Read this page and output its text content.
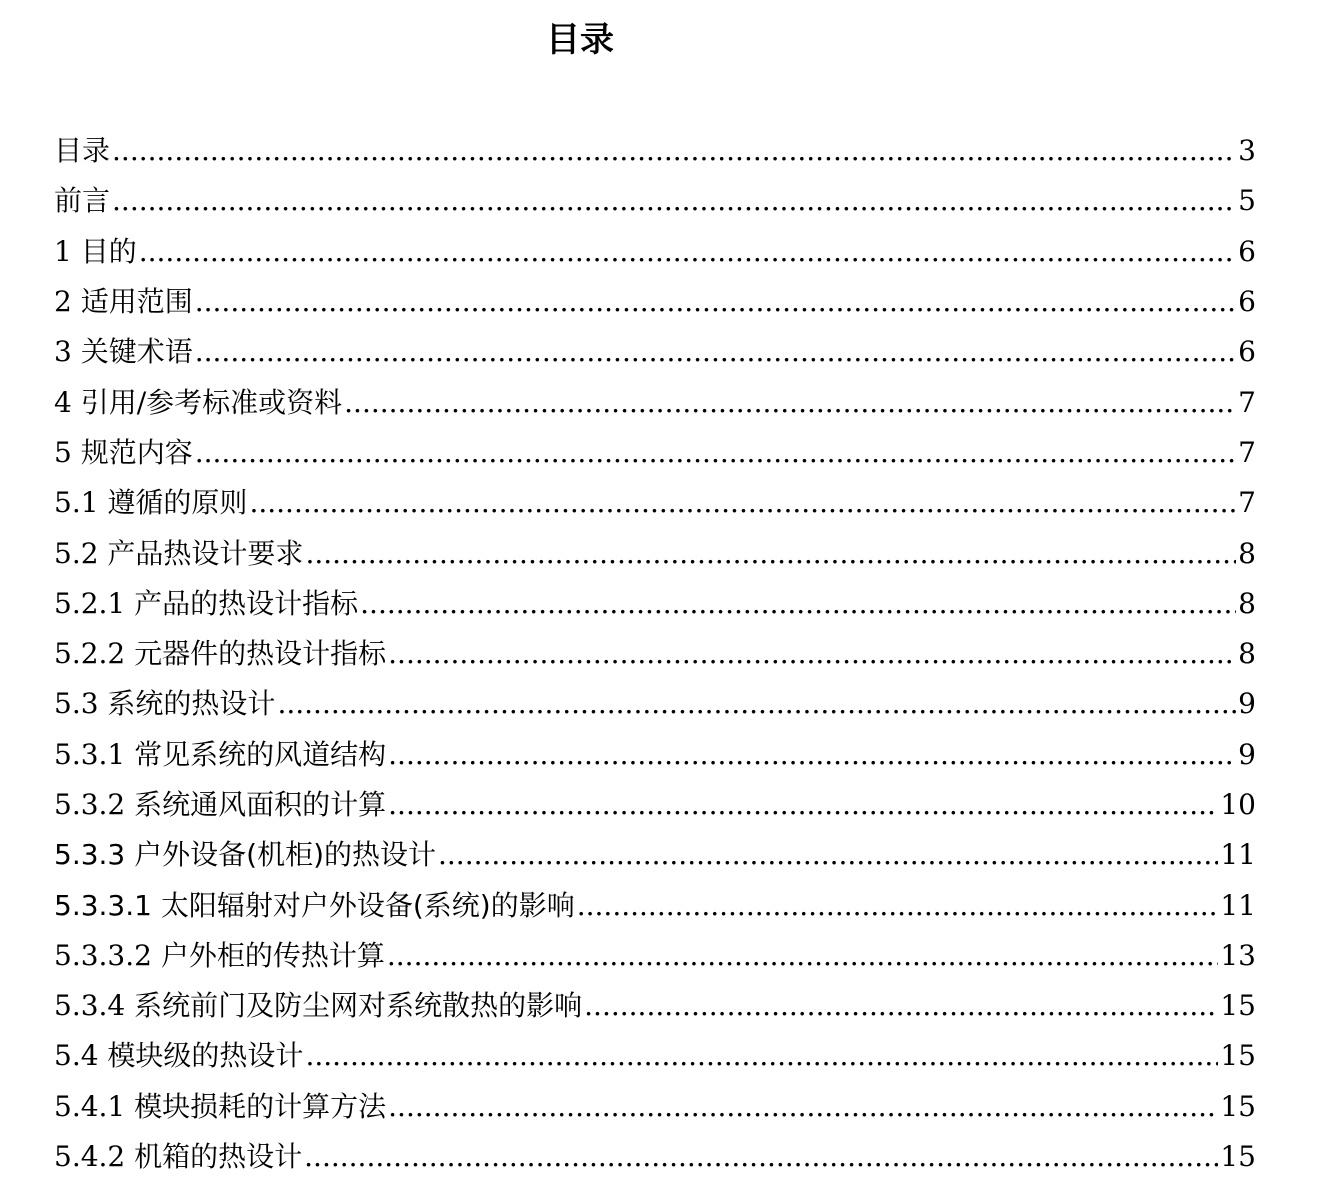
目录
目录 .....	3
前言 .....	5
1 目的 .....	6
2 适用范围 .....	6
3 关键术语 .....	6
4 引用/参考标准或资料 .....	7
5 规范内容 .....	7
5.1 遵循的原则 .....	7
5.2 产品热设计要求 .....	8
5.2.1 产品的热设计指标 .....	8
5.2.2 元器件的热设计指标 .....	8
5.3 系统的热设计 .....	9
5.3.1 常见系统的风道结构 .....	9
5.3.2 系统通风面积的计算 .....	10
5.3.3 户外设备(机柜)的热设计 .....	11
5.3.3.1 太阳辐射对户外设备(系统)的影响 .....	11
5.3.3.2 户外柜的传热计算 .....	13
5.3.4 系统前门及防尘网对系统散热的影响 .....	15
5.4 模块级的热设计 .....	15
5.4.1 模块损耗的计算方法 .....	15
5.4.2 机箱的热设计 .....	15
